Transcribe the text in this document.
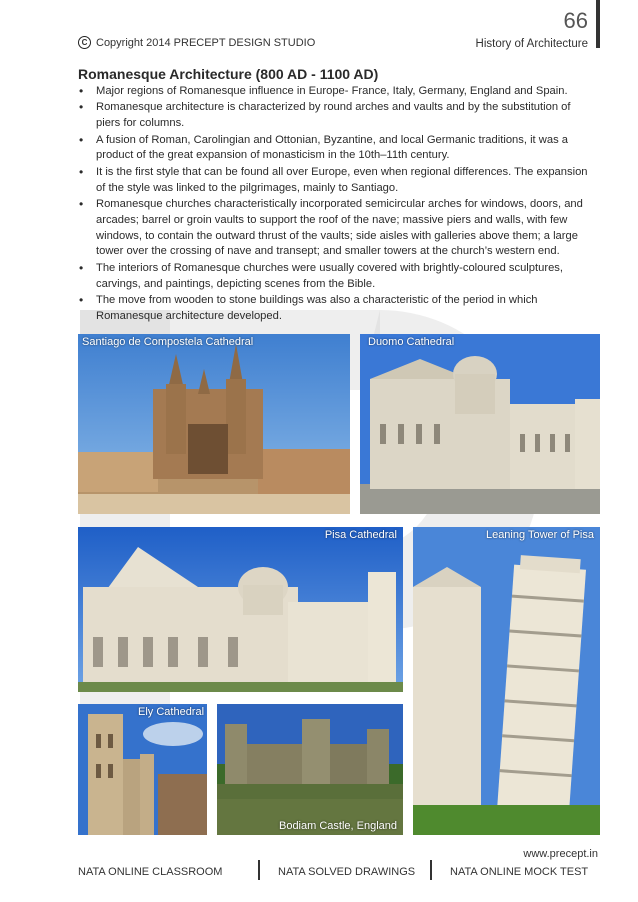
66
C Copyright 2014 PRECEPT DESIGN STUDIO	History of Architecture
Romanesque Architecture (800 AD - 1100 AD)
• Major regions of Romanesque influence in Europe- France, Italy, Germany, England and Spain.
• Romanesque architecture is characterized by round arches and vaults and by the substitution of piers for columns.
• A fusion of Roman, Carolingian and Ottonian, Byzantine, and local Germanic traditions, it was a product of the great expansion of monasticism in the 10th–11th century.
• It is the first style that can be found all over Europe, even when regional differences. The expansion of the style was linked to the pilgrimages, mainly to Santiago.
• Romanesque churches characteristically incorporated semicircular arches for windows, doors, and arcades; barrel or groin vaults to support the roof of the nave; massive piers and walls, with few windows, to contain the outward thrust of the vaults; side aisles with galleries above them; a large tower over the crossing of nave and transept; and smaller towers at the church’s western end.
• The interiors of Romanesque churches were usually covered with brightly-coloured sculptures, carvings, and paintings, depicting scenes from the Bible.
• The move from wooden to stone buildings was also a characteristic of the period in which Romanesque architecture developed.
Santiago de Compostela Cathedral	Duomo Cathedral
Pisa Cathedral	Leaning Tower of Pisa
Ely Cathedral
Bodiam Castle, England
www.precept.in
NATA ONLINE CLASSROOM	NATA SOLVED DRAWINGS	NATA ONLINE MOCK TEST
